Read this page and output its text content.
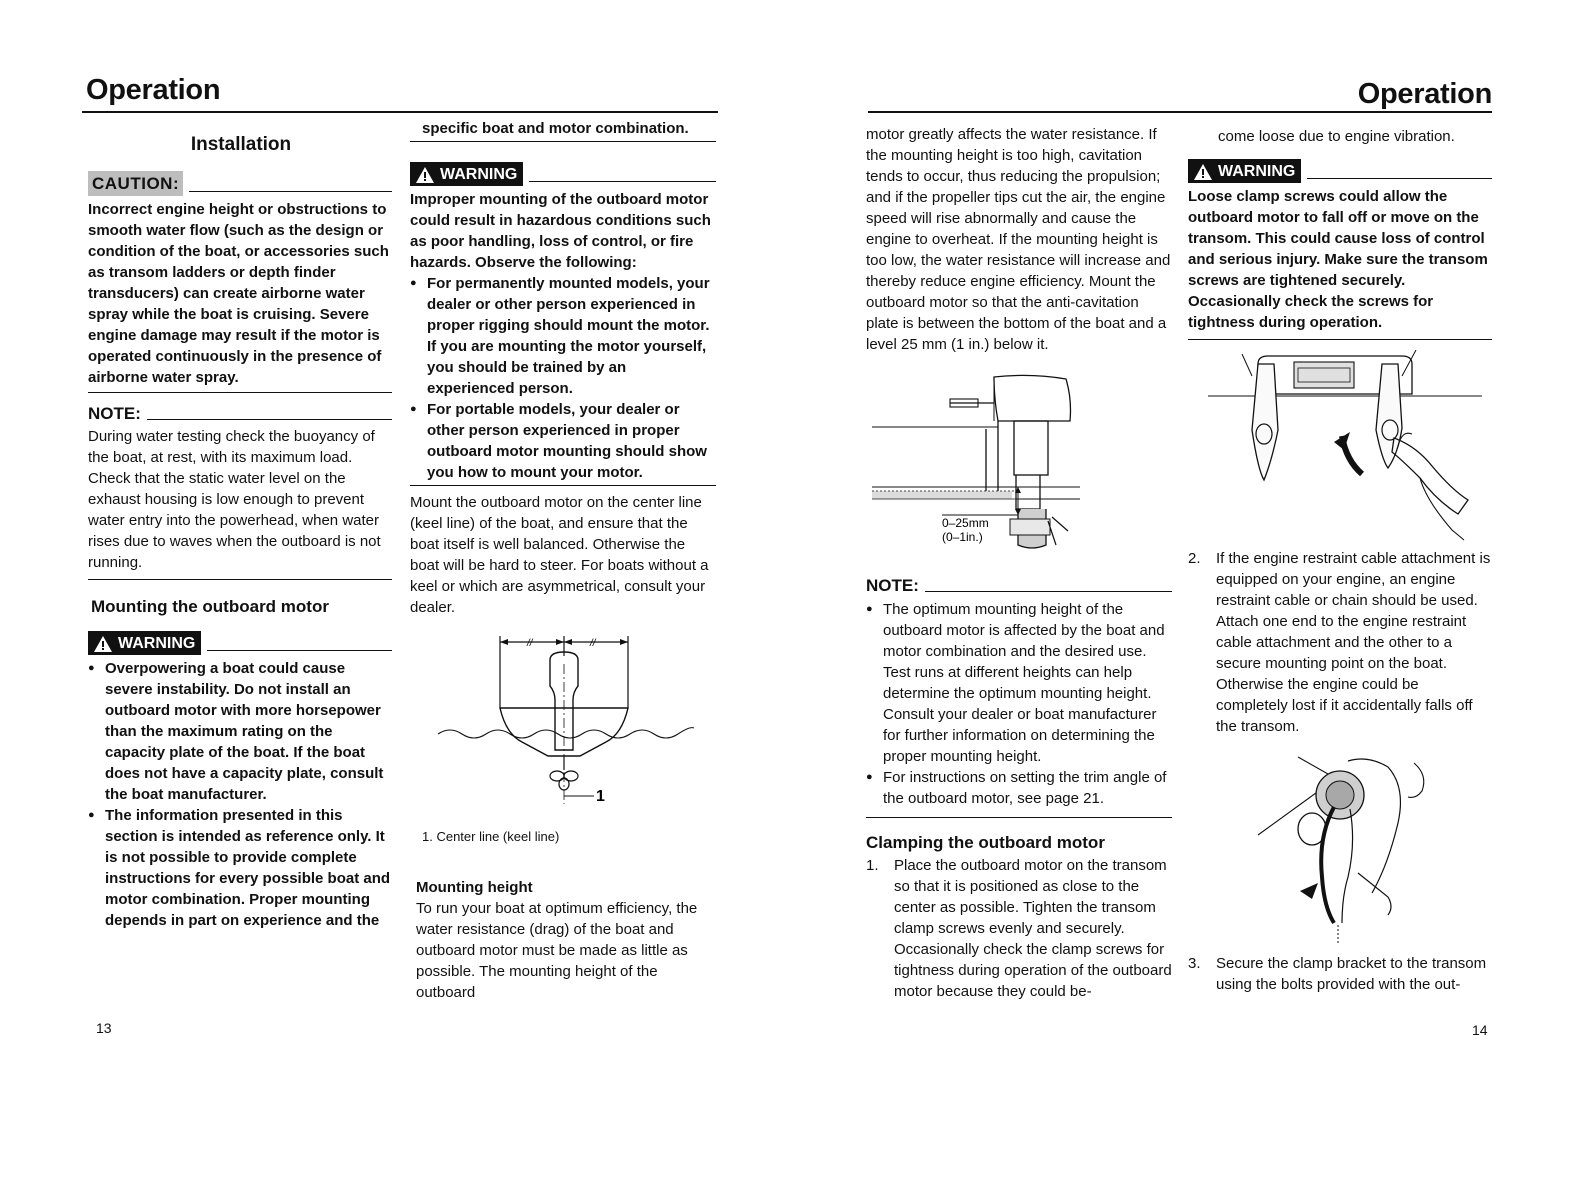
Operation
Installation
CAUTION:

Incorrect engine height or obstructions to smooth water flow (such as the design or condition of the boat, or accessories such as transom ladders or depth finder transducers) can create airborne water spray while the boat is cruising. Severe engine damage may result if the motor is operated continuously in the presence of airborne water spray.

NOTE:

During water testing check the buoyancy of the boat, at rest, with its maximum load. Check that the static water level on the exhaust housing is low enough to prevent water entry into the powerhead, when water rises due to waves when the outboard is not running.

Mounting the outboard motor
WARNING
● Overpowering a boat could cause severe instability. Do not install an outboard motor with more horsepower than the maximum rating on the capacity plate of the boat. If the boat does not have a capacity plate, consult the boat manufacturer.
● The information presented in this section is intended as reference only. It is not possible to provide complete instructions for every possible boat and motor combination. Proper mounting depends in part on experience and the

specific boat and motor combination.

WARNING

Improper mounting of the outboard motor could result in hazardous conditions such as poor handling, loss of control, or fire hazards. Observe the following:

● For permanently mounted models, your dealer or other person experienced in proper rigging should mount the motor. If you are mounting the motor yourself, you should be trained by an experienced person.
● For portable models, your dealer or other person experienced in proper outboard motor mounting should show you how to mount your motor.

Mount the outboard motor on the center line (keel line) of the boat, and ensure that the boat itself is well balanced. Otherwise the boat will be hard to steer. For boats without a keel or which are asymmetrical, consult your dealer.

//	//
1

1. Center line (keel line)

Mounting height

To run your boat at optimum efficiency, the water resistance (drag) of the boat and outboard motor must be made as little as possible. The mounting height of the outboard

13
Operation

motor greatly affects the water resistance. If the mounting height is too high, cavitation tends to occur, thus reducing the propulsion; and if the propeller tips cut the air, the engine speed will rise abnormally and cause the engine to overheat. If the mounting height is too low, the water resistance will increase and thereby reduce engine efficiency. Mount the outboard motor so that the anti-cavitation plate is between the bottom of the boat and a level 25 mm (1 in.) below it.

0–25mm
(0–1in.)
NOTE:
● The optimum mounting height of the outboard motor is affected by the boat and motor combination and the desired use. Test runs at different heights can help determine the optimum mounting height. Consult your dealer or boat manufacturer for further information on determining the proper mounting height.
● For instructions on setting the trim angle of the outboard motor, see page 21.
Clamping the outboard motor
1. Place the outboard motor on the transom so that it is positioned as close to the center as possible. Tighten the transom clamp screws evenly and securely. Occasionally check the clamp screws for tightness during operation of the outboard motor because they could be-

come loose due to engine vibration.

WARNING

Loose clamp screws could allow the outboard motor to fall off or move on the transom. This could cause loss of control and serious injury. Make sure the transom screws are tightened securely. Occasionally check the screws for tightness during operation.

2. If the engine restraint cable attachment is equipped on your engine, an engine restraint cable or chain should be used. Attach one end to the engine restraint cable attachment and the other to a secure mounting point on the boat. Otherwise the engine could be completely lost if it accidentally falls off the transom.
3. Secure the clamp bracket to the transom using the bolts provided with the out-
14
